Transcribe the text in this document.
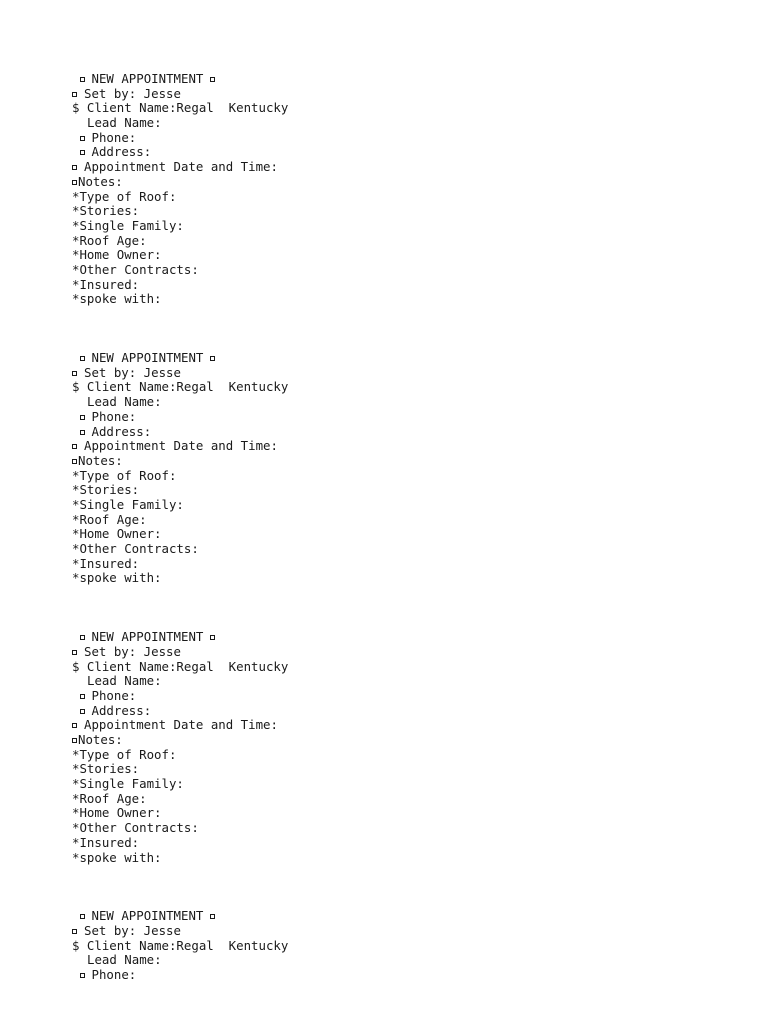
NEW APPOINTMENT
Set by: Jesse
$ Client Name:Regal  Kentucky
Lead Name:
Phone:
Address:
Appointment Date and Time:
Notes:
*Type of Roof:
*Stories:
*Single Family:
*Roof Age:
*Home Owner:
*Other Contracts:
*Insured:
*spoke with:
NEW APPOINTMENT
Set by: Jesse
$ Client Name:Regal  Kentucky
Lead Name:
Phone:
Address:
Appointment Date and Time:
Notes:
*Type of Roof:
*Stories:
*Single Family:
*Roof Age:
*Home Owner:
*Other Contracts:
*Insured:
*spoke with:
NEW APPOINTMENT
Set by: Jesse
$ Client Name:Regal  Kentucky
Lead Name:
Phone:
Address:
Appointment Date and Time:
Notes:
*Type of Roof:
*Stories:
*Single Family:
*Roof Age:
*Home Owner:
*Other Contracts:
*Insured:
*spoke with:
NEW APPOINTMENT
Set by: Jesse
$ Client Name:Regal  Kentucky
Lead Name:
Phone:
